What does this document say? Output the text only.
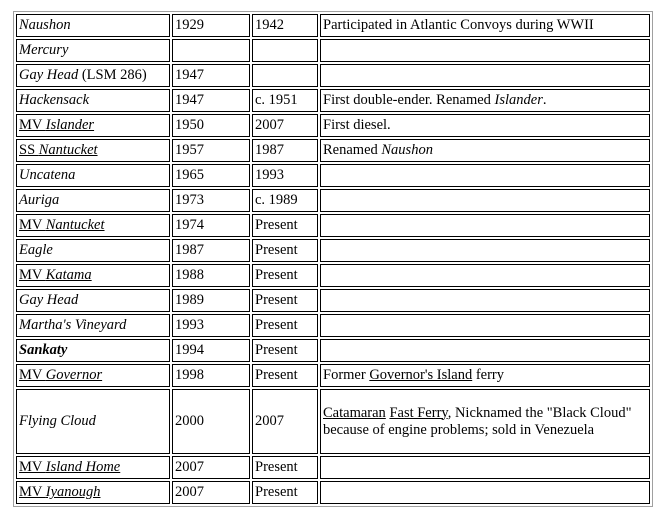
Naushon	1929	1942	Participated in Atlantic Convoys during WWII
Mercury			
Gay Head (LSM 286)	1947		
Hackensack	1947	c. 1951	First double-ender. Renamed Islander.
MV Islander	1950	2007	First diesel.
SS Nantucket	1957	1987	Renamed Naushon
Uncatena	1965	1993	
Auriga	1973	c. 1989	
MV Nantucket	1974	Present	
Eagle	1987	Present	
MV Katama	1988	Present	
Gay Head	1989	Present	
Martha's Vineyard	1993	Present	
Sankaty	1994	Present	
MV Governor	1998	Present	Former Governor's Island ferry
Flying Cloud	2000	2007	Catamaran Fast Ferry, Nicknamed the "Black Cloud" because of engine problems; sold in Venezuela
MV Island Home	2007	Present	
MV Iyanough	2007	Present	
